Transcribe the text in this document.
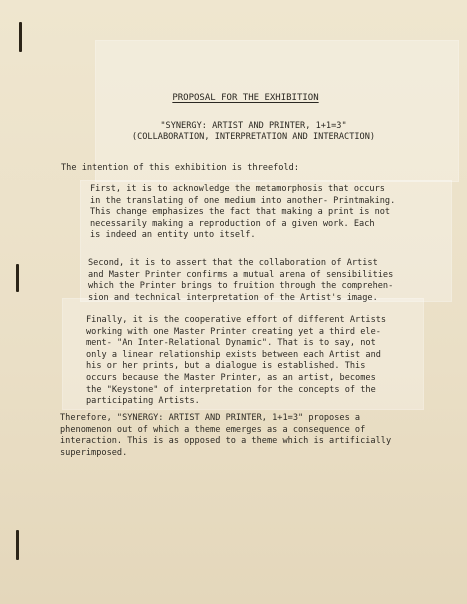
PROPOSAL FOR THE EXHIBITION
"SYNERGY: ARTIST AND PRINTER, 1+1=3"
(COLLABORATION, INTERPRETATION AND INTERACTION)
The intention of this exhibition is threefold:
First, it is to acknowledge the metamorphosis that occurs
in the translating of one medium into another- Printmaking.
This change emphasizes the fact that making a print is not
necessarily making a reproduction of a given work. Each
is indeed an entity unto itself.
Second, it is to assert that the collaboration of Artist
and Master Printer confirms a mutual arena of sensibilities
which the Printer brings to fruition through the comprehen-
sion and technical interpretation of the Artist's image.
Finally, it is the cooperative effort of different Artists
working with one Master Printer creating yet a third ele-
ment- "An Inter-Relational Dynamic". That is to say, not
only a linear relationship exists between each Artist and
his or her prints, but a dialogue is established. This
occurs because the Master Printer, as an artist, becomes
the "Keystone" of interpretation for the concepts of the
participating Artists.
Therefore, "SYNERGY: ARTIST AND PRINTER, 1+1=3" proposes a
phenomenon out of which a theme emerges as a consequence of
interaction. This is as opposed to a theme which is artificially
superimposed.
